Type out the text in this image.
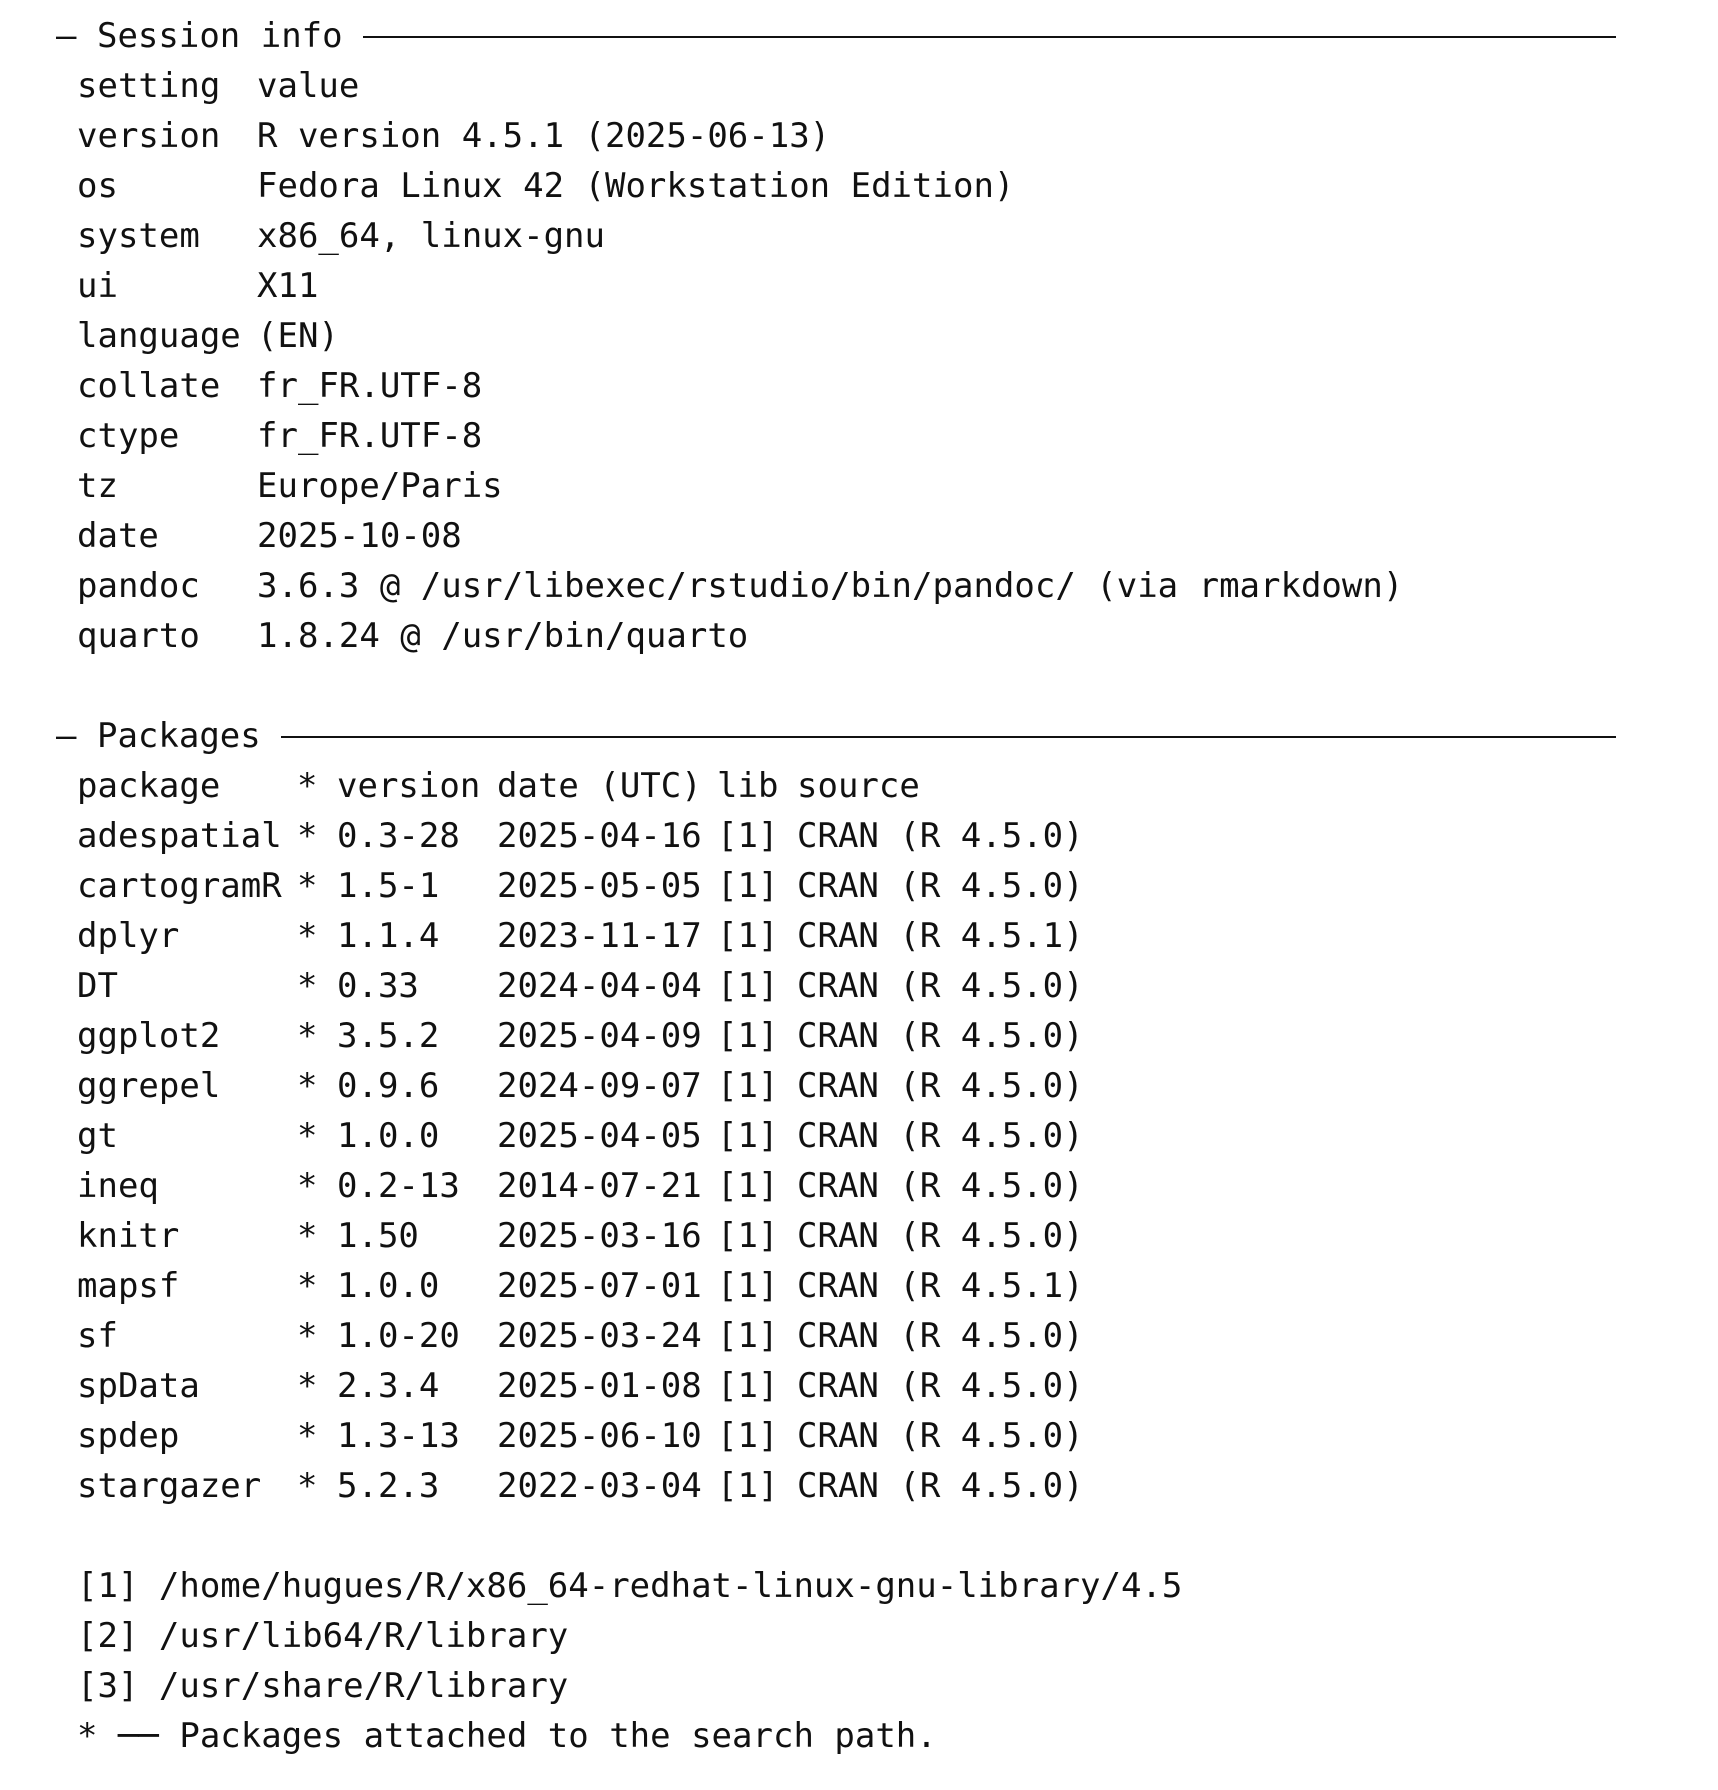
—
Session info
setting	value
version	R version 4.5.1 (2025-06-13)
os	Fedora Linux 42 (Workstation Edition)
system	x86_64, linux-gnu
ui	X11
language (EN)
collate	fr_FR.UTF-8
ctype	fr_FR.UTF-8
tz	Europe/Paris
date	2025-10-08
pandoc	3.6.3 @ /usr/libexec/rstudio/bin/pandoc/ (via rmarkdown)
quarto	1.8.24 @ /usr/bin/quarto
—
Packages
package	* version date (UTC) lib source
adespatial * 0.3-28	2025-04-16 [1] CRAN (R 4.5.0)
cartogramR * 1.5-1	2025-05-05 [1] CRAN (R 4.5.0)
dplyr	* 1.1.4	2023-11-17 [1] CRAN (R 4.5.1)
DT	* 0.33	2024-04-04 [1] CRAN (R 4.5.0)
ggplot2	* 3.5.2	2025-04-09 [1] CRAN (R 4.5.0)
ggrepel	* 0.9.6	2024-09-07 [1] CRAN (R 4.5.0)
gt	* 1.0.0	2025-04-05 [1] CRAN (R 4.5.0)
ineq	* 0.2-13	2014-07-21 [1] CRAN (R 4.5.0)
knitr	* 1.50	2025-03-16 [1] CRAN (R 4.5.0)
mapsf	* 1.0.0	2025-07-01 [1] CRAN (R 4.5.1)
sf	* 1.0-20	2025-03-24 [1] CRAN (R 4.5.0)
spData	* 2.3.4	2025-01-08 [1] CRAN (R 4.5.0)
spdep	* 1.3-13	2025-06-10 [1] CRAN (R 4.5.0)
stargazer	* 5.2.3	2022-03-04 [1] CRAN (R 4.5.0)
[1] /home/hugues/R/x86_64-redhat-linux-gnu-library/4.5
[2] /usr/lib64/R/library
[3] /usr/share/R/library
* ── Packages attached to the search path.
